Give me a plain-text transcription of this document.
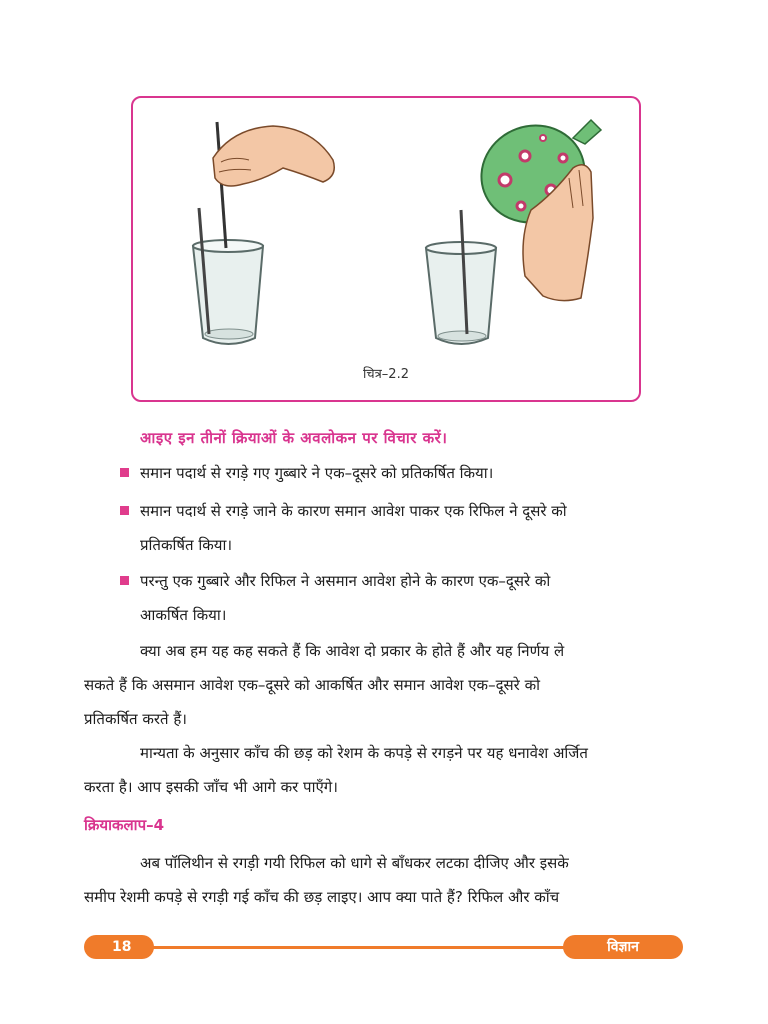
चित्र–2.2
आइए इन तीनों क्रियाओं के अवलोकन पर विचार करें।
समान पदार्थ से रगड़े गए गुब्बारे ने एक–दूसरे को प्रतिकर्षित किया।
समान पदार्थ से रगड़े जाने के कारण समान आवेश पाकर एक रिफिल ने दूसरे को
प्रतिकर्षित किया।
परन्तु एक गुब्बारे और रिफिल ने असमान आवेश होने के कारण एक–दूसरे को
आकर्षित किया।
क्या अब हम यह कह सकते हैं कि आवेश दो प्रकार के होते हैं और यह निर्णय ले
सकते हैं कि असमान आवेश एक–दूसरे को आकर्षित और समान आवेश एक–दूसरे को
प्रतिकर्षित करते हैं।
मान्यता के अनुसार काँच की छड़ को रेशम के कपड़े से रगड़ने पर यह धनावेश अर्जित
करता है। आप इसकी जाँच भी आगे कर पाएँगे।
क्रियाकलाप–4
अब पॉलिथीन से रगड़ी गयी रिफिल को धागे से बाँधकर लटका दीजिए और इसके
समीप रेशमी कपड़े से रगड़ी गई काँच की छड़ लाइए। आप क्या पाते हैं? रिफिल और काँच
18	विज्ञान
